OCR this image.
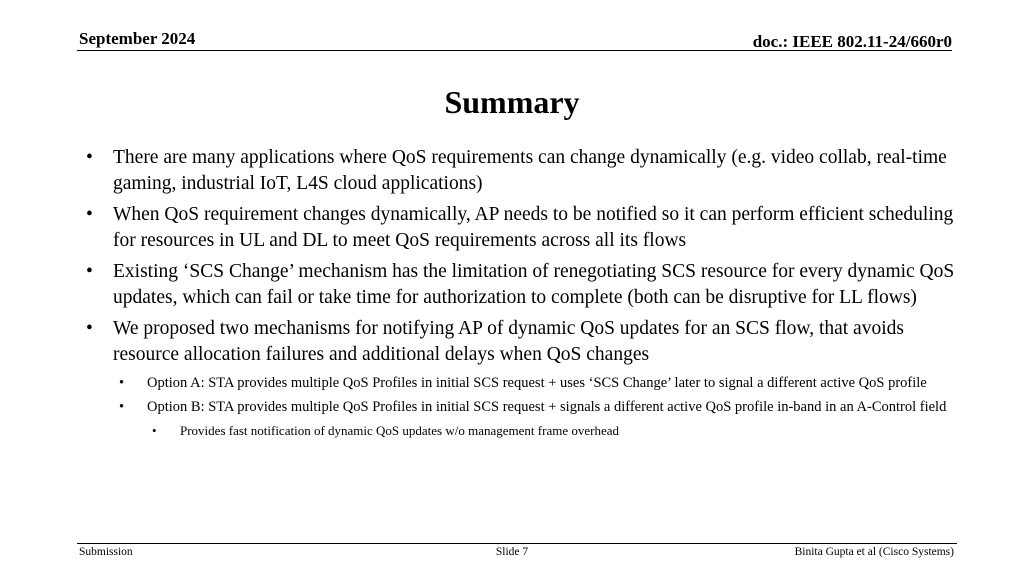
September 2024	doc.: IEEE 802.11-24/660r0
Summary
• There are many applications where QoS requirements can change dynamically (e.g. video collab, real-time gaming, industrial IoT, L4S cloud applications)
• When QoS requirement changes dynamically, AP needs to be notified so it can perform efficient scheduling for resources in UL and DL to meet QoS requirements across all its flows
• Existing ‘SCS Change’ mechanism has the limitation of renegotiating SCS resource for every dynamic QoS updates, which can fail or take time for authorization to complete (both can be disruptive for LL flows)
• We proposed two mechanisms for notifying AP of dynamic QoS updates for an SCS flow, that avoids resource allocation failures and additional delays when QoS changes
• Option A: STA provides multiple QoS Profiles in initial SCS request + uses ‘SCS Change’ later to signal a different active QoS profile
• Option B: STA provides multiple QoS Profiles in initial SCS request + signals a different active QoS profile in-band in an A-Control field
• Provides fast notification of dynamic QoS updates w/o management frame overhead
Submission	Slide 7	Binita Gupta et al (Cisco Systems)
